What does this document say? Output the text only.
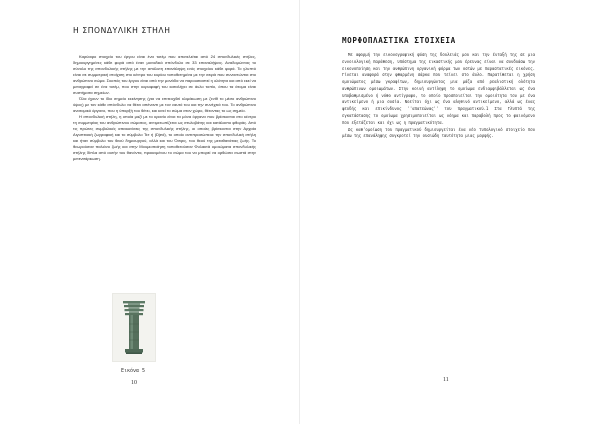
Η ΣΠΟΝΔΥΛΙΚΗ ΣΤΗΛΗ

Καρύαιρο στοιχείο του έργου είναι ένα τοτέμ που αποτελείται από 24 σπονδυλικές στήλες, δημιουργημένες κάθε φορά από έναν μοναδικό σπόνδυλο σε 33 επαναλήψεις. Αναδομώντας το σύνολο της σπονδυλικής στήλης με την απόλυτη επανάληψη ενός στοιχείου κάθε φορά. Το γλυπτό είναι σε συμμετρική στοίχιση στο κέντρο του κυρίου τοποθετημένα με την σειρά που συναντώνται στο ανθρώπινο σώμα. Σκοπός του έργου είναι από την μονάδα να παρουσιαστεί η ολότητα και από εκεί να μεταγραφεί σε ένα τοτέμ, που στην κορυφαφή του καταλήγει σε άυλο τοπίο, όπου τα άτομα είναι συστήματα σημείων.

Όλα έχουν το ίδιο σημείο εκκίνησης (για να επιτευχθεί κλιμάκωση με ζενίθ το μέσο ανθρώπινο ύψος) με τον κάθε σπόνδυλο να θέτει απέναντι με τον εαυτό του και την συνέχειά του. Το ανθρώπινο ανατομικό όργανο, που η ύπαρξή του θέτει, και κινεί το σώμα στον χώρο, θέτοντας το ως σημείο.

Η σπονδυλική στήλη, η οποία μαζί με το κρανίο είναι τα μόνα όργανα που βρίσκονται στο κέντρο τη συμμετρίας του ανθρώπινου σώματος, αντιμετωπίζεται ως στυλοβάτης και κατάλοιπο φθοράς. Από τις πρώτες συμβολικές απεικονίσεις της σπονδυλικής στήλης, οι οποίες βρίσκονται στην Αρχαία Αιγυπτιακή ζωγραφική και το σύμβολο Τετ ή (Djed), το οποίο αντιπροσώπευε την σπονδυλική στήλη και ήταν σύμβολο του θεού δημιουργού, αλλά και του Όσιρις, του θεού της μεταθανάτιας ζωής. Το θεωρούσαν παλιόνο ζωής και στην Μουμιοποίηση τοποθετούσαν Φυλακτά ομοιώματα σπονδυλικής στήλης δίπλα από αυτήν του θανόντα, προκειμένου το σώμα του να μπορεί να ορθώσει σωστά στην μετενσάρκωση.

Εικόνα 5
10
ΜΟΡΦΟΠΛΑΣΤΙΚΑ ΣΤΟΙΧΕΙΑ

Με αφορμή την εικονογραφική φύση της δουλειάς μου και την ένταξή της σε μια εννοιολογική παράθεση, υπόστημα της εικαστικής μου έρευνας είναι να συνδυάσω την εικονοποίηση και την ανθρώπινη οργανική φόρμα των οστών με παραστατικές εικόνες. Γίνεται αναφορά στην φθαρμένη σάρκα που τείνει στο άυλο. Παρατίθεται η χρήση ομοιώματος μέσω γκραφίτων, δημιουργώντας μια μάζα από ρεαλιστική ολότητα ανθρώπινων ομοιωμάτων. Στην κοινή αντίληψη το ομοίωμα ενδιαμφιβάλλεται ως ένα υποβαθμισμένο ή νόθο αντίγραφο, το οποίο προσποιείται την ομοιότητα του με ένα αντικείμενο ή μια ουσία. Νοείται όχι ως ένα αληθινό αντικείμενο, αλλά ως ένας ψευδής και επικίνδυνος ''απατεώνας'' του πραγματικού.1 Στα Γλυπτά της εγκατάστασης το ομοίωμα χρησιμοποιείται ως νόημα και παραβολή προς το φαινόμενο που εξετάζεται και όχι ως η πραγματικότητα.

Ως καθ'ομοίωση του πραγματικού δημιουργείται ένα νέο τυπολογικό στοιχείο που μέσω της επανάληψης συγκροτεί την ουσιώδη ταυτότητα μιας μορφής.

11
